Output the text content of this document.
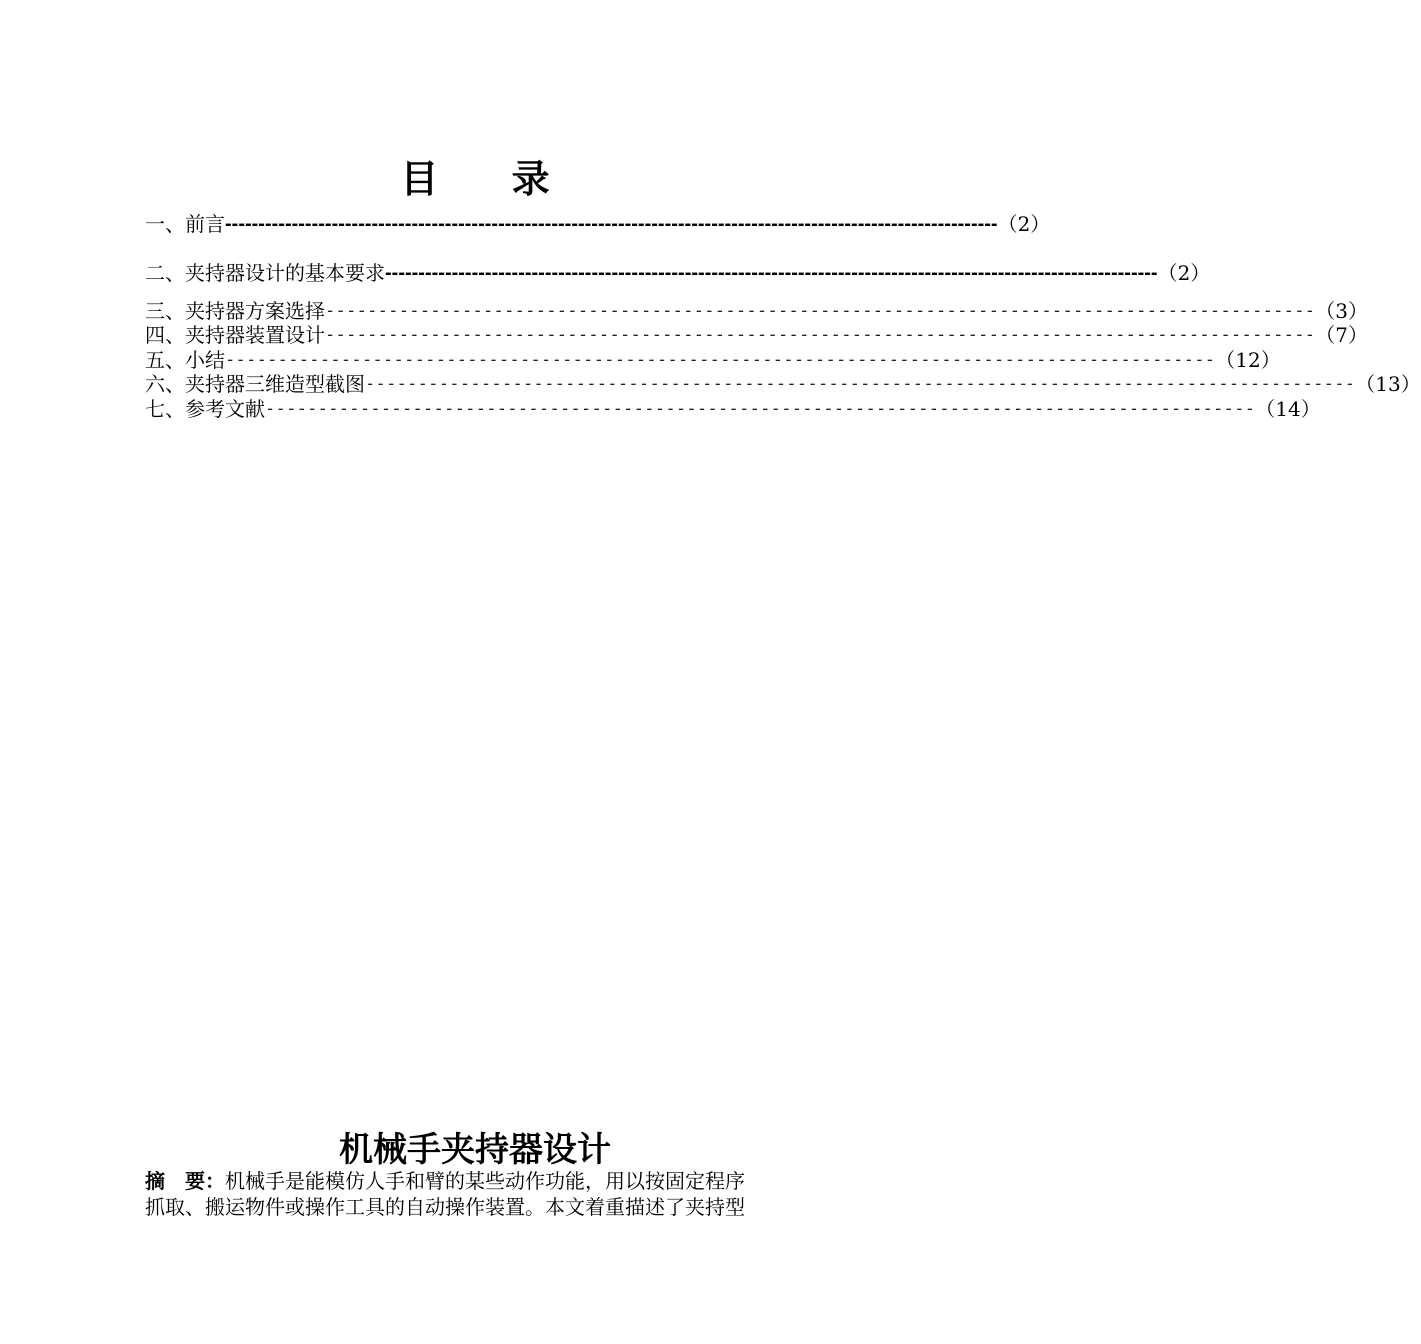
目 录
一、前言 -------------------------------------------------------------------------------------------------------------------- （2）
二、夹持器设计的基本要求 -------------------------------------------------------------------------------------------------------------------- （2）
三、夹持器方案选择 ---------------------------------------------------------------------------------------------- （3）
四、夹持器装置设计 ---------------------------------------------------------------------------------------------- （7）
五、小结 ---------------------------------------------------------------------------------------------- （12）
六、夹持器三维造型截图 ---------------------------------------------------------------------------------------------- （13）
七、参考文献 ---------------------------------------------------------------------------------------------- （14）
机械手夹持器设计
摘　要：机械手是能模仿人手和臂的某些动作功能，用以按固定程序
抓取、搬运物件或操作工具的自动操作装置。本文着重描述了夹持型
